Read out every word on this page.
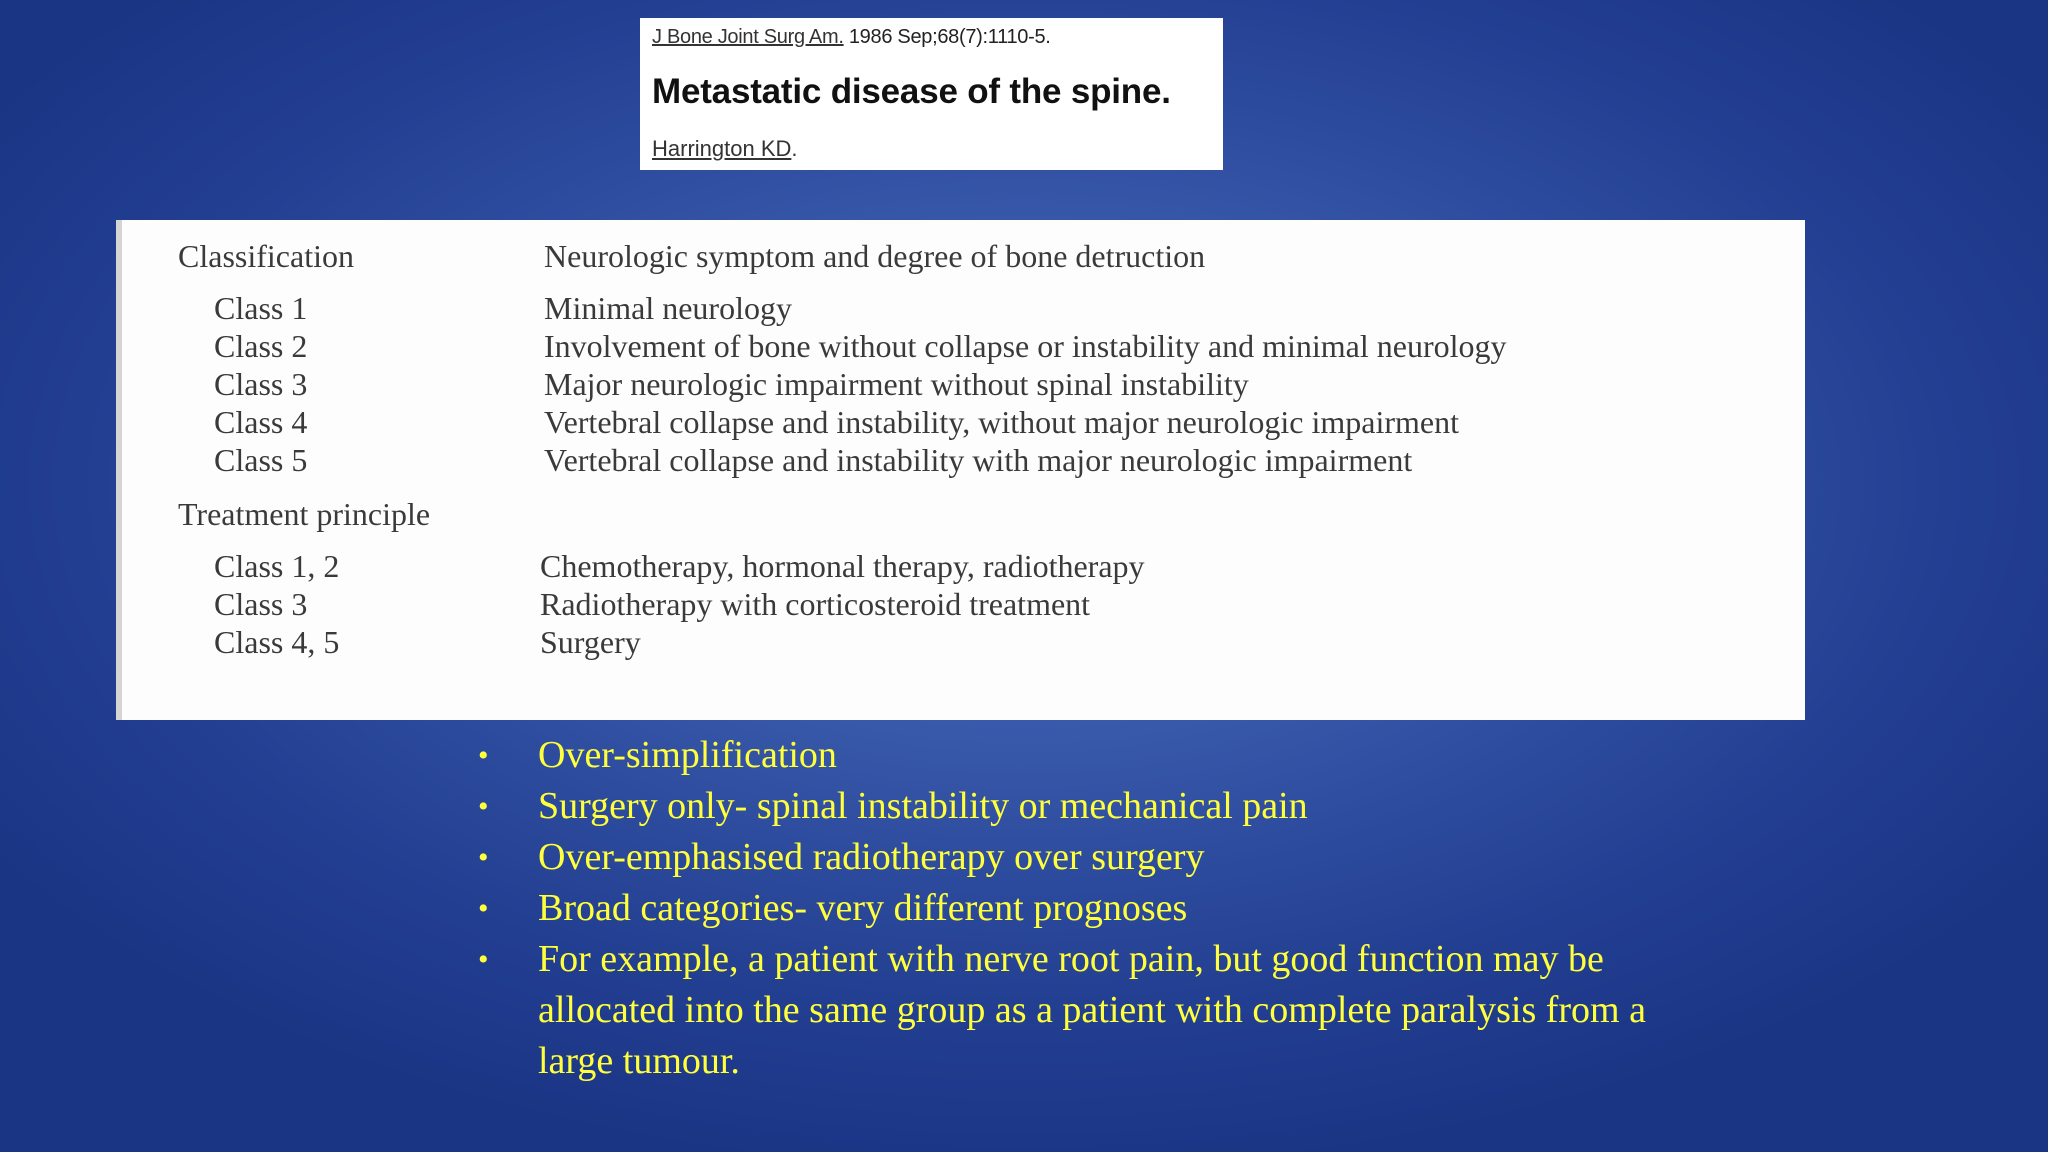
J Bone Joint Surg Am. 1986 Sep;68(7):1110-5.
Metastatic disease of the spine.
Harrington KD.
Classification	Neurologic symptom and degree of bone detruction
Class 1	Minimal neurology
Class 2	Involvement of bone without collapse or instability and minimal neurology
Class 3	Major neurologic impairment without spinal instability
Class 4	Vertebral collapse and instability, without major neurologic impairment
Class 5	Vertebral collapse and instability with major neurologic impairment
Treatment principle
Class 1, 2	Chemotherapy, hormonal therapy, radiotherapy
Class 3	Radiotherapy with corticosteroid treatment
Class 4, 5	Surgery
• Over-simplification
• Surgery only- spinal instability or mechanical pain
• Over-emphasised radiotherapy over surgery
• Broad categories- very different prognoses
• For example, a patient with nerve root pain, but good function may be allocated into the same group as a patient with complete paralysis from a large tumour.
